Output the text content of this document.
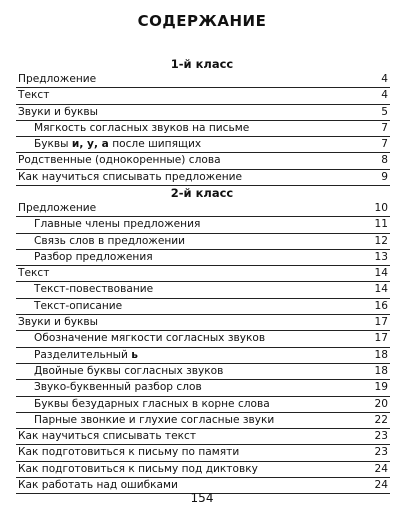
СОДЕРЖАНИЕ
1-й класс
Предложение	4
Текст	4
Звуки и буквы	5
Мягкость согласных звуков на письме	7
Буквы и, у, а после шипящих	7
Родственные (однокоренные) слова	8
Как научиться списывать предложение	9
2-й класс
Предложение	10
Главные члены предложения	11
Связь слов в предложении	12
Разбор предложения	13
Текст	14
Текст-повествование	14
Текст-описание	16
Звуки и буквы	17
Обозначение мягкости согласных звуков	17
Разделительный ь	18
Двойные буквы согласных звуков	18
Звуко-буквенный разбор слов	19
Буквы безударных гласных в корне слова	20
Парные звонкие и глухие согласные звуки	22
Как научиться списывать текст	23
Как подготовиться к письму по памяти	23
Как подготовиться к письму под диктовку	24
Как работать над ошибками	24
154
